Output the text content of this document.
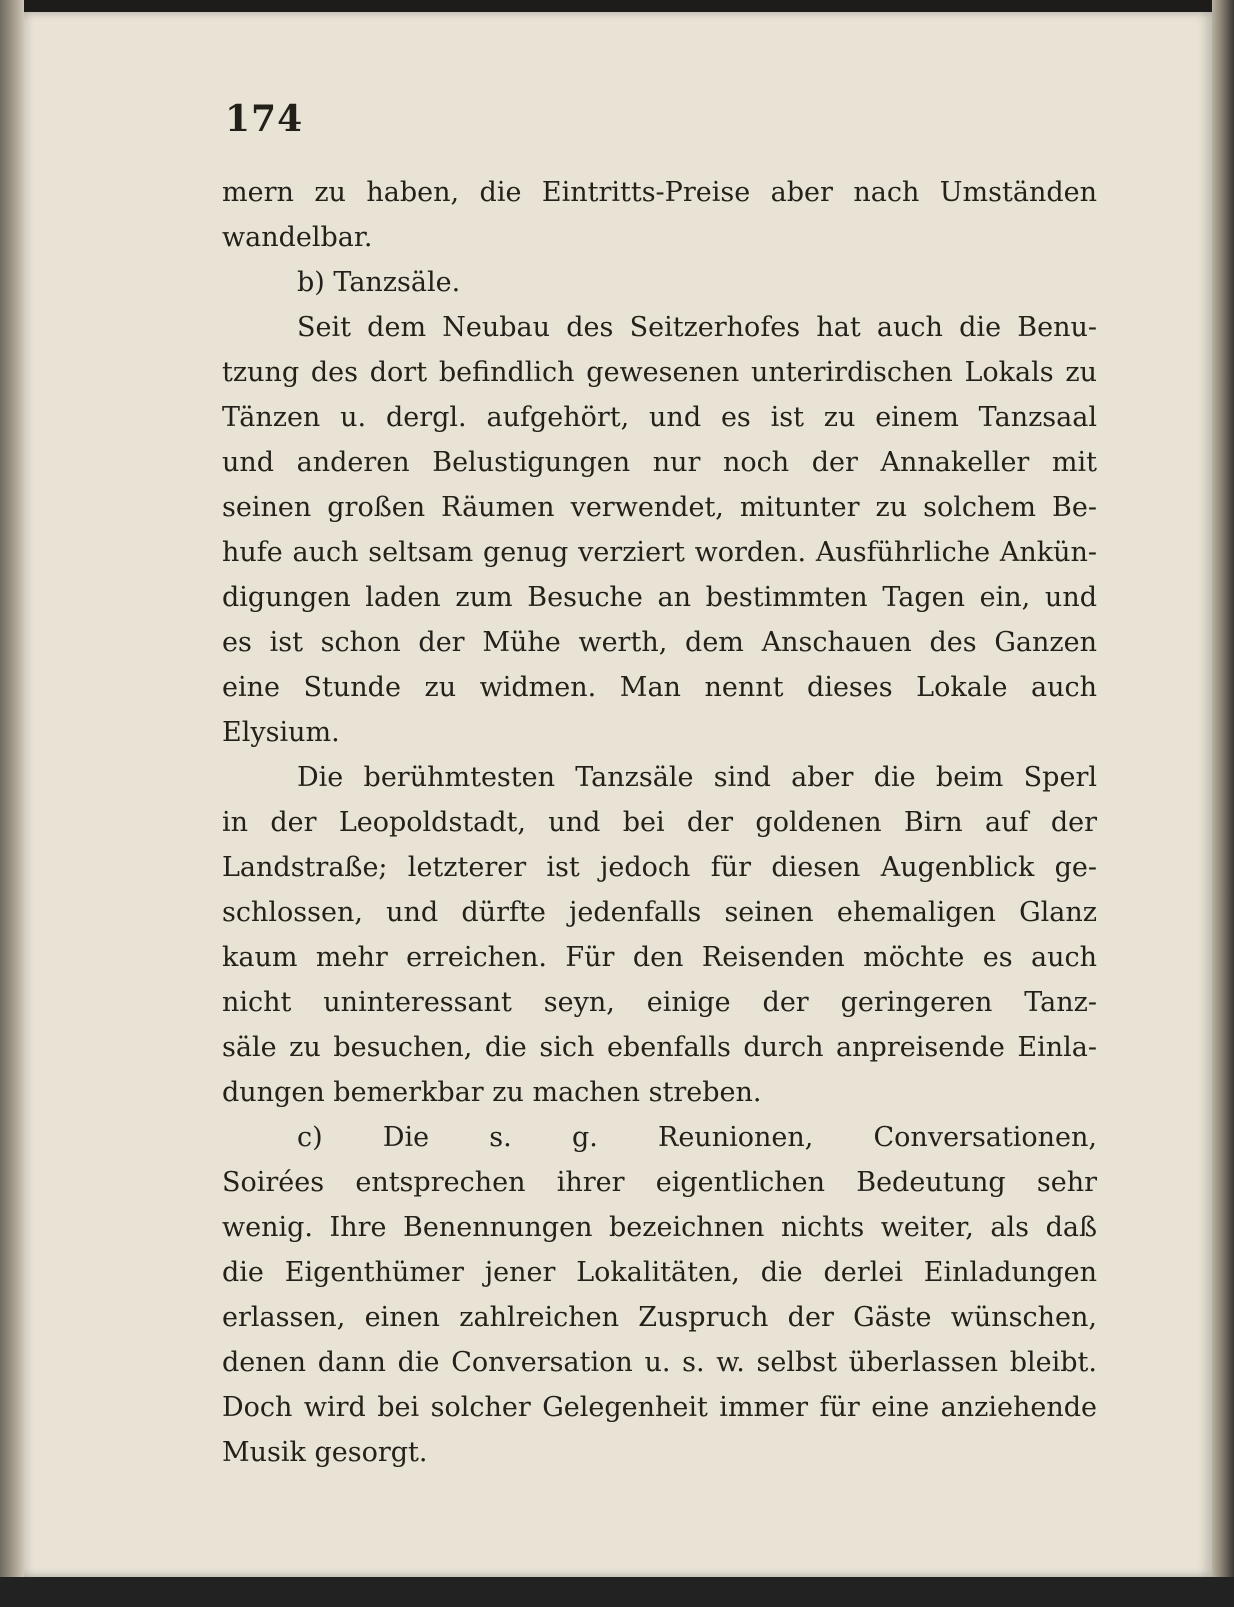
174
mern zu haben, die Eintritts-Preise aber nach Umständen
wandelbar.
b) Tanzsäle.
Seit dem Neubau des Seitzerhofes hat auch die Benu-
tzung des dort befindlich gewesenen unterirdischen Lokals zu
Tänzen u. dergl. aufgehört, und es ist zu einem Tanzsaal
und anderen Belustigungen nur noch der Annakeller mit
seinen großen Räumen verwendet, mitunter zu solchem Be-
hufe auch seltsam genug verziert worden. Ausführliche Ankün-
digungen laden zum Besuche an bestimmten Tagen ein, und
es ist schon der Mühe werth, dem Anschauen des Ganzen
eine Stunde zu widmen. Man nennt dieses Lokale auch
Elysium.
Die berühmtesten Tanzsäle sind aber die beim Sperl
in der Leopoldstadt, und bei der goldenen Birn auf der
Landstraße; letzterer ist jedoch für diesen Augenblick ge-
schlossen, und dürfte jedenfalls seinen ehemaligen Glanz
kaum mehr erreichen. Für den Reisenden möchte es auch
nicht uninteressant seyn, einige der geringeren Tanz-
säle zu besuchen, die sich ebenfalls durch anpreisende Einla-
dungen bemerkbar zu machen streben.
c) Die s. g. Reunionen, Conversationen,
Soirées entsprechen ihrer eigentlichen Bedeutung sehr
wenig. Ihre Benennungen bezeichnen nichts weiter, als daß
die Eigenthümer jener Lokalitäten, die derlei Einladungen
erlassen, einen zahlreichen Zuspruch der Gäste wünschen,
denen dann die Conversation u. s. w. selbst überlassen bleibt.
Doch wird bei solcher Gelegenheit immer für eine anziehende
Musik gesorgt.
